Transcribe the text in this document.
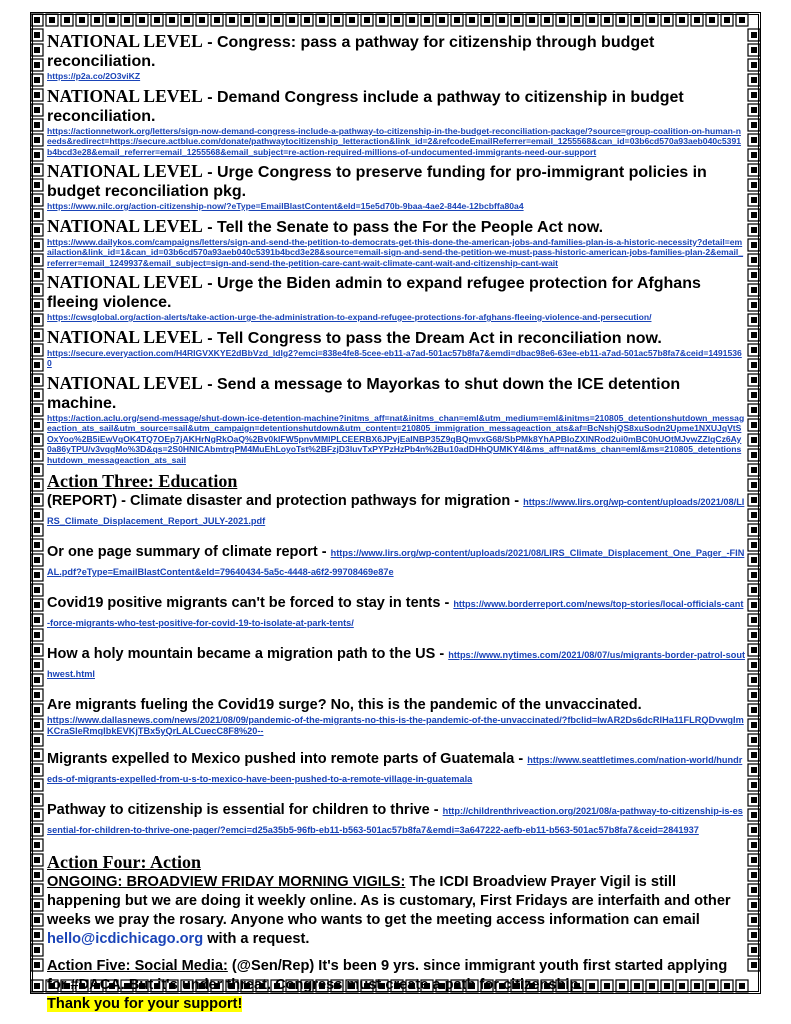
NATIONAL LEVEL - Congress: pass a pathway for citizenship through budget reconciliation.
https://p2a.co/2O3viKZ
NATIONAL LEVEL - Demand Congress include a pathway to citizenship in budget reconciliation.
https://actionnetwork.org/letters/sign-now-demand-congress-include-a-pathway-to-citizenship-in-the-budget-reconciliation-package/?source=group-coalition-on-human-needs&redirect=https://secure.actblue.com/donate/pathwaytocitizenship_letteraction&link_id=2&refcodeEmailReferrer=email_1255568&can_id=03b6cd570a93aeb040c5391b4bcd3e28&email_referrer=email_1255568&email_subject=re-action-required-millions-of-undocumented-immigrants-need-our-support
NATIONAL LEVEL - Urge Congress to preserve funding for pro-immigrant policies in budget reconciliation pkg.
https://www.nilc.org/action-citizenship-now/?eType=EmailBlastContent&eId=15e5d70b-9baa-4ae2-844e-12bcbffa80a4
NATIONAL LEVEL - Tell the Senate to pass the For the People Act now.
https://www.dailykos.com/campaigns/letters/sign-and-send-the-petition-to-democrats-get-this-done-the-american-jobs-and-families-plan-is-a-historic-necessity?detail=emailaction&link_id=1&can_id=03b6cd570a93aeb040c5391b4bcd3e28&source=email-sign-and-send-the-petition-we-must-pass-historic-american-jobs-families-plan-2&email_referrer=email_1249937&email_subject=sign-and-send-the-petition-care-cant-wait-climate-cant-wait-and-citizenship-cant-wait
NATIONAL LEVEL - Urge the Biden admin to expand refugee protection for Afghans fleeing violence.
https://cwsglobal.org/action-alerts/take-action-urge-the-administration-to-expand-refugee-protections-for-afghans-fleeing-violence-and-persecution/
NATIONAL LEVEL - Tell Congress to pass the Dream Act in reconciliation now.
https://secure.everyaction.com/H4RIGVXKYE2dBbVzd_ldlg2?emci=838e4fe8-5cee-eb11-a7ad-501ac57b8fa7&emdi=dbac98e6-63ee-eb11-a7ad-501ac57b8fa7&ceid=14915360
NATIONAL LEVEL - Send a message to Mayorkas to shut down the ICE detention machine.
https://action.aclu.org/send-message/shut-down-ice-detention-machine?initms_aff=nat&initms_chan=eml&utm_medium=eml&initms=210805_detentionshutdown_messageaction_ats_sail&utm_source=sail&utm_campaign=detentionshutdown&utm_content=210805_immigration_messageaction_ats&af=BcNshjQS8xuSodn2Upme1NXUJqVtSOxYoo%2B5iEwVqOK4TQ7OEp7jAKHrNgRkOaQ%2Bv0kIFW5pnvMMlPLCEERBX6JPvjEaINBP35Z9qBQmvxG68/SbPMk8YhAPBloZXlNRod2ui0mBC0hUOtMJvwZZlqCz6Ay0a86yTPU/v3vqqMo%3D&qs=2S0HNICAbmtrqPM4MuEhLoyoTst%2BFzjD3luvTxPYPzHzPb4n%2Bu10adDHhQUMKY4I&ms_aff=nat&ms_chan=eml&ms=210805_detentionshutdown_messageaction_ats_sail
Action Three: Education
(REPORT) - Climate disaster and protection pathways for migration - https://www.lirs.org/wp-content/uploads/2021/08/LIRS_Climate_Displacement_Report_JULY-2021.pdf
Or one page summary of climate report - https://www.lirs.org/wp-content/uploads/2021/08/LIRS_Climate_Displacement_One_Pager_-FINAL.pdf?eType=EmailBlastContent&eId=79640434-5a5c-4448-a6f2-99708469e87e
Covid19 positive migrants can't be forced to stay in tents - https://www.borderreport.com/news/top-stories/local-officials-cant-force-migrants-who-test-positive-for-covid-19-to-isolate-at-park-tents/
How a holy mountain became a migration path to the US - https://www.nytimes.com/2021/08/07/us/migrants-border-patrol-southwest.html
Are migrants fueling the Covid19 surge? No, this is the pandemic of the unvaccinated.
https://www.dallasnews.com/news/2021/08/09/pandemic-of-the-migrants-no-this-is-the-pandemic-of-the-unvaccinated/?fbclid=IwAR2Ds6dcRlHa11FLRQDvwgImKCraSleRmqIbkEVKjTBx5yQrLALCuecC8F8%20--
Migrants expelled to Mexico pushed into remote parts of Guatemala - https://www.seattletimes.com/nation-world/hundreds-of-migrants-expelled-from-u-s-to-mexico-have-been-pushed-to-a-remote-village-in-guatemala
Pathway to citizenship is essential for children to thrive - http://childrenthriveaction.org/2021/08/a-pathway-to-citizenship-is-essential-for-children-to-thrive-one-pager/?emci=d25a35b5-96fb-eb11-b563-501ac57b8fa7&emdi=3a647222-aefb-eb11-b563-501ac57b8fa7&ceid=2841937
Action Four: Action

ONGOING: BROADVIEW FRIDAY MORNING VIGILS: The ICDI Broadview Prayer Vigil is still happening but we are doing it weekly online. As is customary, First Fridays are interfaith and other weeks we pray the rosary. Anyone who wants to get the meeting access information can email hello@icdichicago.org with a request.

Action Five: Social Media: (@Sen/Rep) It's been 9 yrs. since immigrant youth first started applying for #DACA. But it's under threat. Congress must create a path for citizenship.
Thank you for your support!
